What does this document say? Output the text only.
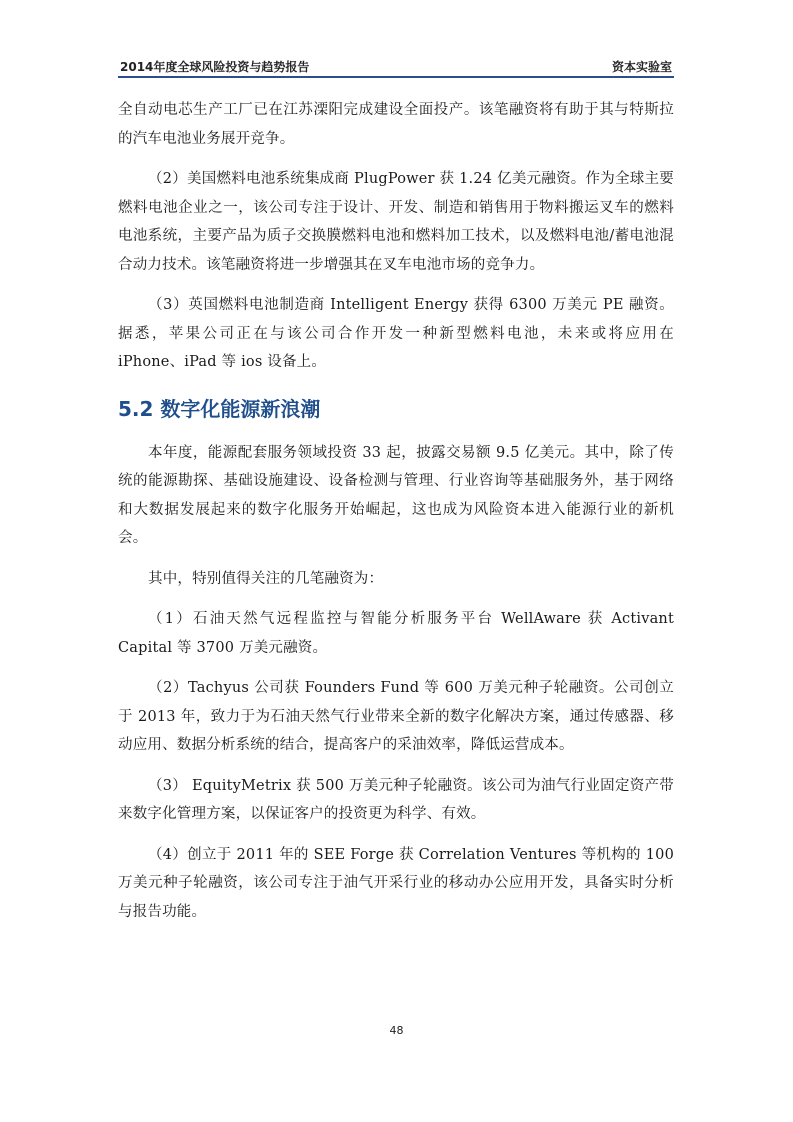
2014年度全球风险投资与趋势报告	资本实验室

全自动电芯生产工厂已在江苏溧阳完成建设全面投产。该笔融资将有助于其与特斯拉的汽车电池业务展开竞争。

（2）美国燃料电池系统集成商 PlugPower 获 1.24 亿美元融资。作为全球主要燃料电池企业之一，该公司专注于设计、开发、制造和销售用于物料搬运叉车的燃料电池系统，主要产品为质子交换膜燃料电池和燃料加工技术，以及燃料电池/蓄电池混合动力技术。该笔融资将进一步增强其在叉车电池市场的竞争力。

（3）英国燃料电池制造商 Intelligent Energy 获得 6300 万美元 PE 融资。据悉，苹果公司正在与该公司合作开发一种新型燃料电池，未来或将应用在 iPhone、iPad 等 ios 设备上。

5.2 数字化能源新浪潮

本年度，能源配套服务领域投资 33 起，披露交易额 9.5 亿美元。其中，除了传统的能源勘探、基础设施建设、设备检测与管理、行业咨询等基础服务外，基于网络和大数据发展起来的数字化服务开始崛起，这也成为风险资本进入能源行业的新机会。

其中，特别值得关注的几笔融资为：

（1）石油天然气远程监控与智能分析服务平台 WellAware 获 Activant Capital 等 3700 万美元融资。

（2）Tachyus 公司获 Founders Fund 等 600 万美元种子轮融资。公司创立于 2013 年，致力于为石油天然气行业带来全新的数字化解决方案，通过传感器、移动应用、数据分析系统的结合，提高客户的采油效率，降低运营成本。

（3） EquityMetrix 获 500 万美元种子轮融资。该公司为油气行业固定资产带来数字化管理方案，以保证客户的投资更为科学、有效。

（4）创立于 2011 年的 SEE Forge 获 Correlation Ventures 等机构的 100 万美元种子轮融资，该公司专注于油气开采行业的移动办公应用开发，具备实时分析与报告功能。

48
